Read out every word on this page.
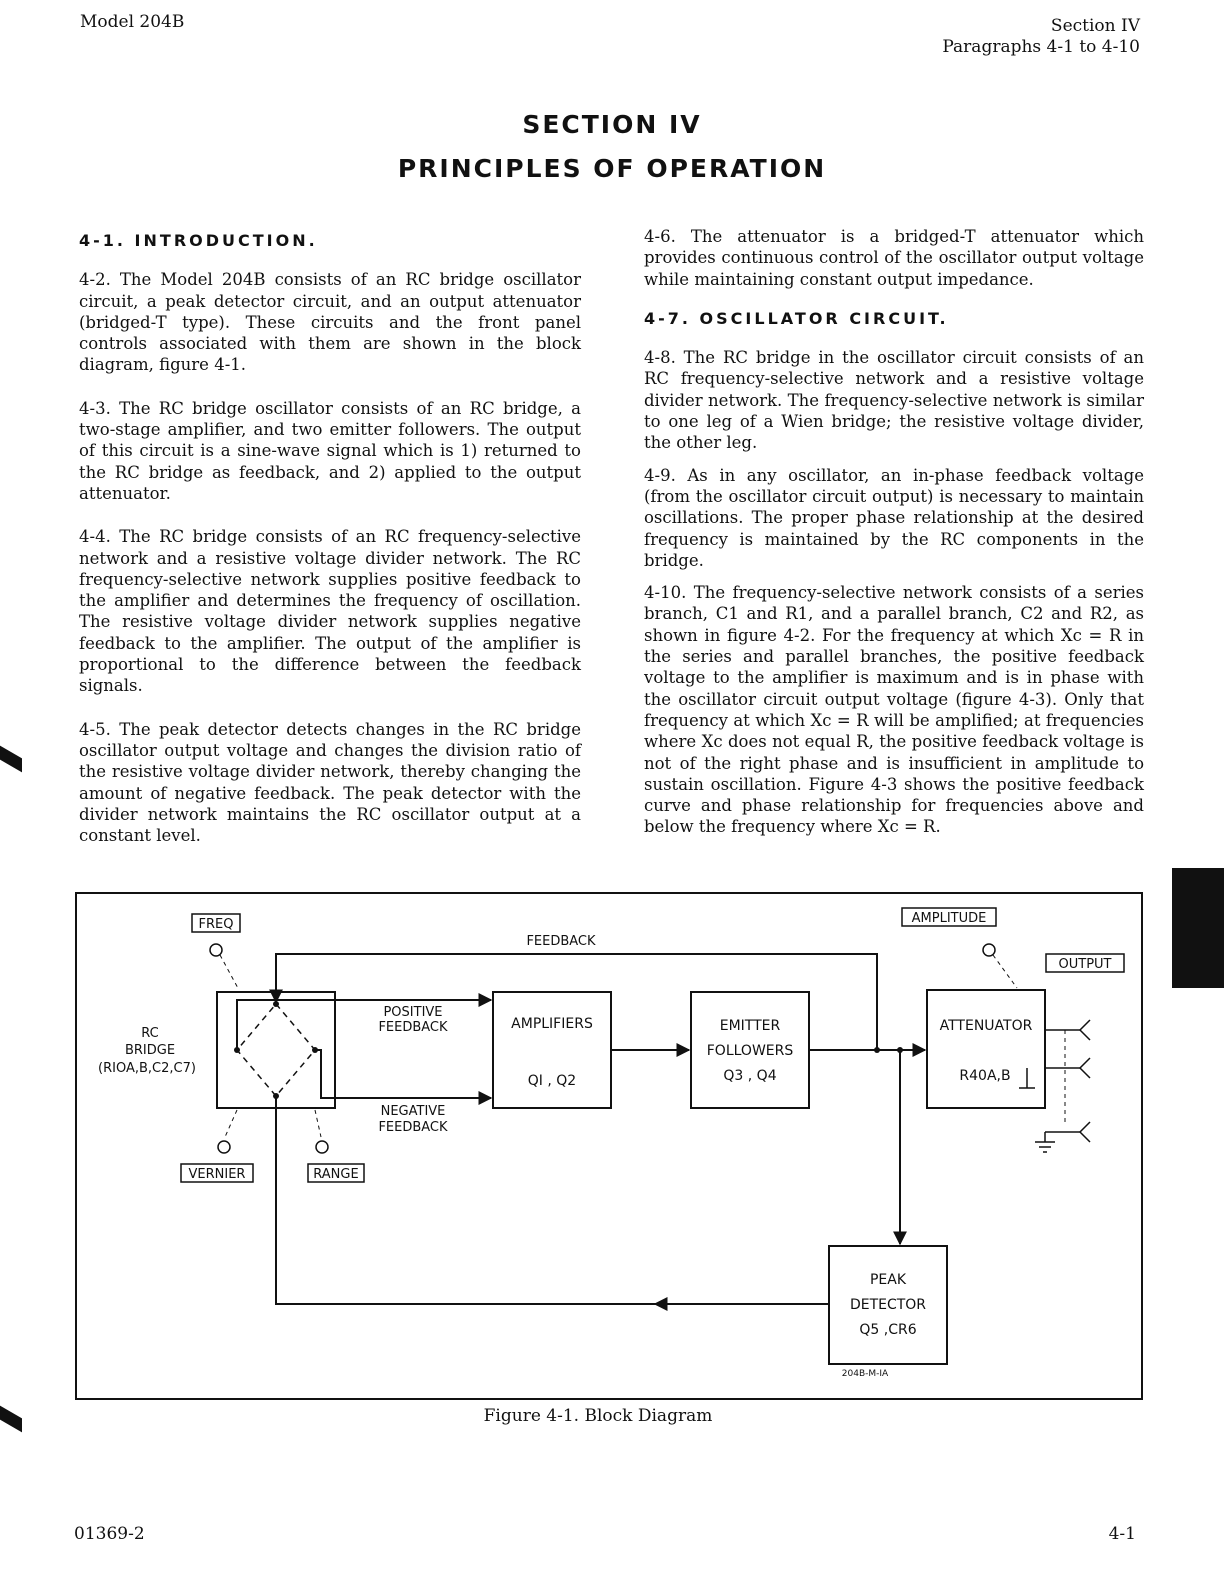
Model 204B	Section IV
Paragraphs 4-1 to 4-10
SECTION IV
PRINCIPLES OF OPERATION
4-1. INTRODUCTION.

4-2. The Model 204B consists of an RC bridge oscillator circuit, a peak detector circuit, and an output attenuator (bridged-T type). These circuits and the front panel controls associated with them are shown in the block diagram, figure 4-1.

4-3. The RC bridge oscillator consists of an RC bridge, a two-stage amplifier, and two emitter followers. The output of this circuit is a sine-wave signal which is 1) returned to the RC bridge as feedback, and 2) applied to the output attenuator.

4-4. The RC bridge consists of an RC frequency-selective network and a resistive voltage divider network. The RC frequency-selective network supplies positive feedback to the amplifier and determines the frequency of oscillation. The resistive voltage divider network supplies negative feedback to the amplifier. The output of the amplifier is proportional to the difference between the feedback signals.

4-5. The peak detector detects changes in the RC bridge oscillator output voltage and changes the division ratio of the resistive voltage divider network, thereby changing the amount of negative feedback. The peak detector with the divider network maintains the RC oscillator output at a constant level.

4-6. The attenuator is a bridged-T attenuator which provides continuous control of the oscillator output voltage while maintaining constant output impedance.

4-7. OSCILLATOR CIRCUIT.

4-8. The RC bridge in the oscillator circuit consists of an RC frequency-selective network and a resistive voltage divider network. The frequency-selective network is similar to one leg of a Wien bridge; the resistive voltage divider, the other leg.

4-9. As in any oscillator, an in-phase feedback voltage (from the oscillator circuit output) is necessary to maintain oscillations. The proper phase relationship at the desired frequency is maintained by the RC components in the bridge.

4-10. The frequency-selective network consists of a series branch, C1 and R1, and a parallel branch, C2 and R2, as shown in figure 4-2. For the frequency at which Xc = R in the series and parallel branches, the positive feedback voltage to the amplifier is maximum and is in phase with the oscillator circuit output voltage (figure 4-3). Only that frequency at which Xc = R will be amplified; at frequencies where Xc does not equal R, the positive feedback voltage is not of the right phase and is insufficient in amplitude to sustain oscillation. Figure 4-3 shows the positive feedback curve and phase relationship for frequencies above and below the frequency where Xc = R.

RC
BRIDGE
(RIOA,B,C2,C7)
FREQ
VERNIER	RANGE
FEEDBACK
POSITIVE
FEEDBACK
NEGATIVE
FEEDBACK
AMPLIFIERS
QI , Q2
EMITTER
FOLLOWERS
Q3 , Q4
ATTENUATOR
R40A,B
AMPLITUDE
OUTPUT
PEAK
DETECTOR
Q5 ,CR6
204B-M-IA
Figure 4-1. Block Diagram
01369-2	4-1
